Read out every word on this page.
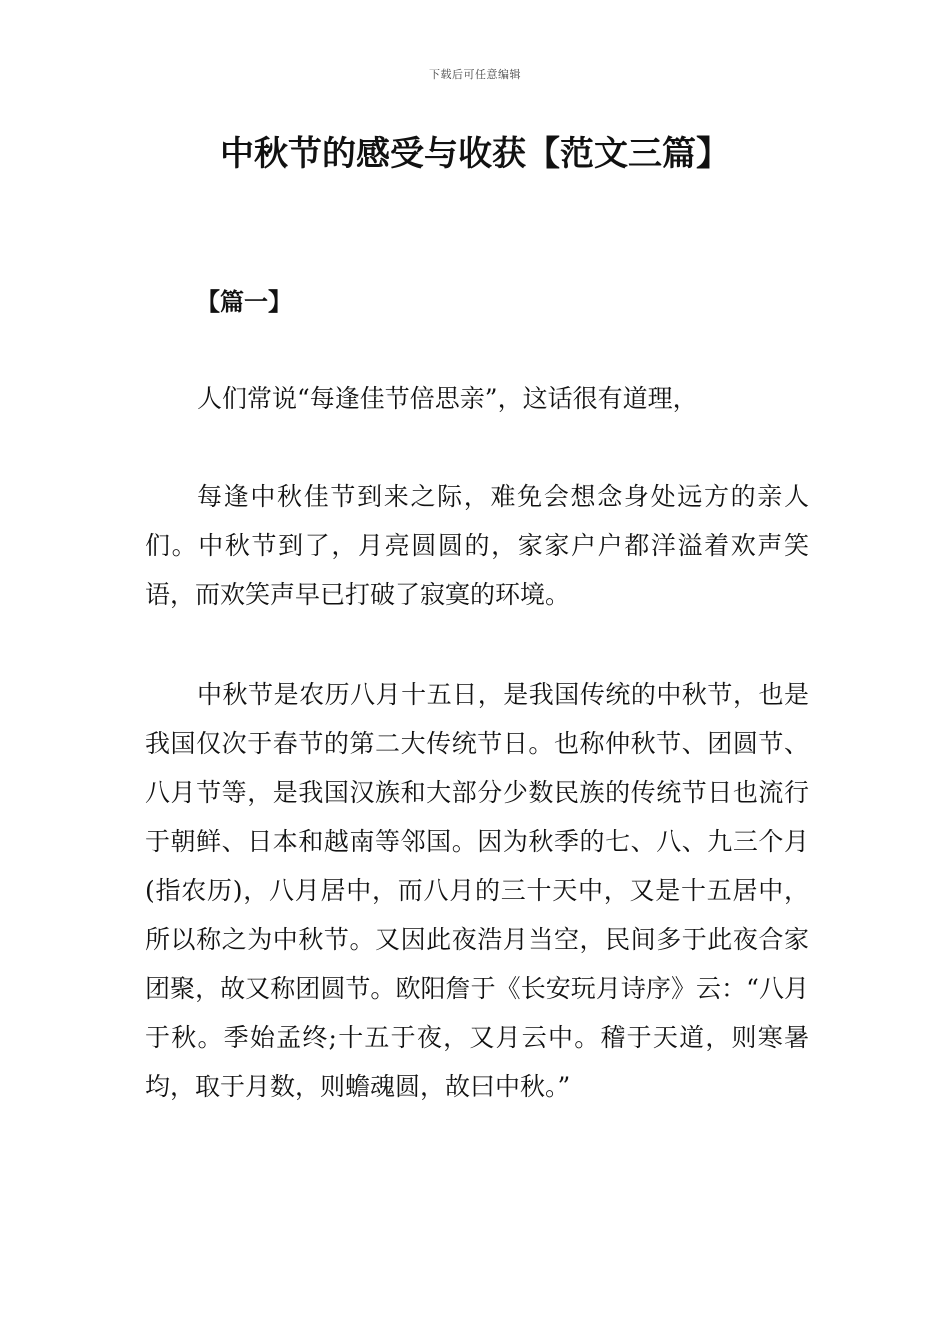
下载后可任意编辑
中秋节的感受与收获【范文三篇】
【篇一】

人们常说“每逢佳节倍思亲”，这话很有道理，

每逢中秋佳节到来之际，难免会想念身处远方的亲人们。中秋节到了，月亮圆圆的，家家户户都洋溢着欢声笑语，而欢笑声早已打破了寂寞的环境。

中秋节是农历八月十五日，是我国传统的中秋节，也是我国仅次于春节的第二大传统节日。也称仲秋节、团圆节、八月节等，是我国汉族和大部分少数民族的传统节日也流行于朝鲜、日本和越南等邻国。因为秋季的七、八、九三个月(指农历)，八月居中，而八月的三十天中，又是十五居中，所以称之为中秋节。又因此夜浩月当空，民间多于此夜合家团聚，故又称团圆节。欧阳詹于《长安玩月诗序》云：“八月于秋。季始孟终;十五于夜，又月云中。稽于天道，则寒暑均，取于月数，则蟾魂圆，故曰中秋。”
